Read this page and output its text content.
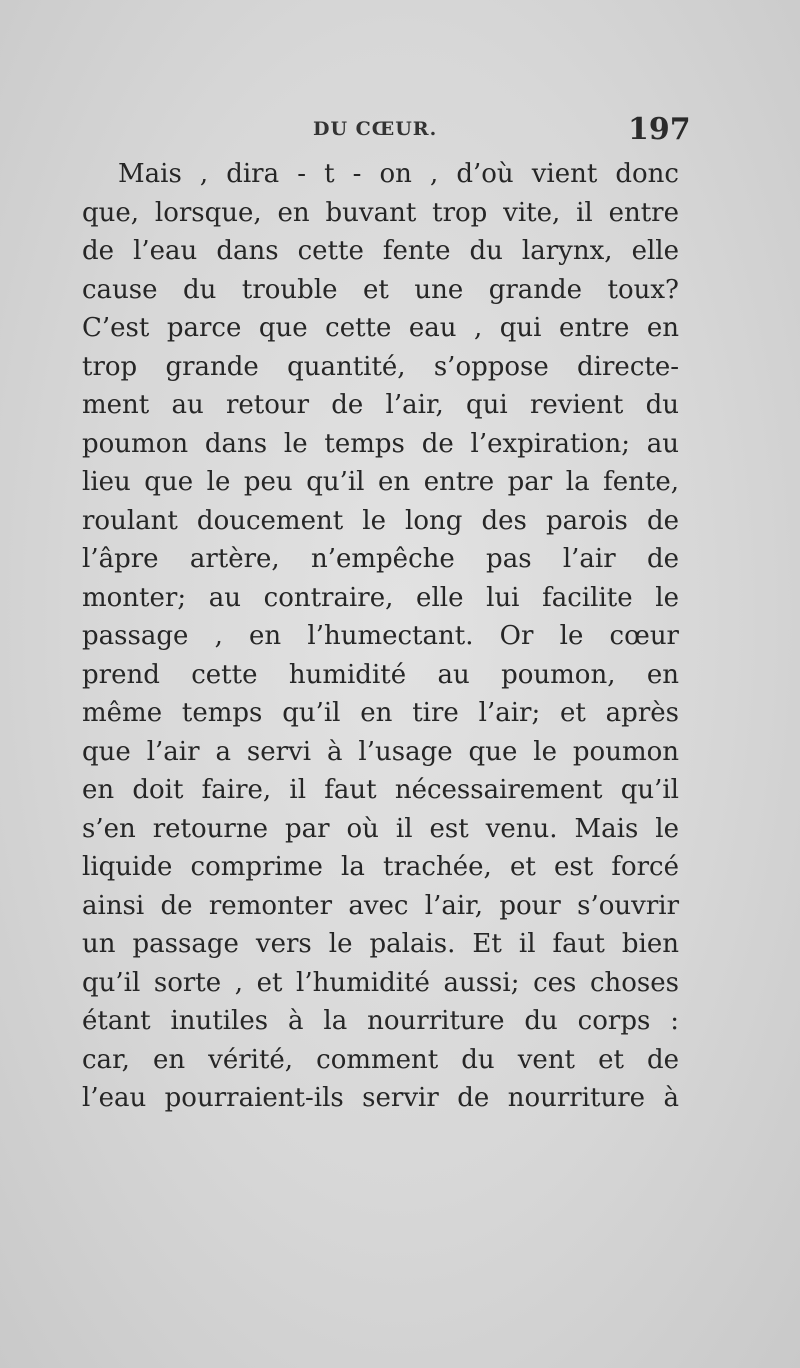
DU CŒUR.	197
Mais , dira - t - on , d’où vient donc
que, lorsque, en buvant trop vite, il entre
de l’eau dans cette fente du larynx, elle
cause du trouble et une grande toux?
C’est parce que cette eau , qui entre en
trop grande quantité, s’oppose directe-
ment au retour de l’air, qui revient du
poumon dans le temps de l’expiration; au
lieu que le peu qu’il en entre par la fente,
roulant doucement le long des parois de
l’âpre artère, n’empêche pas l’air de
monter; au contraire, elle lui facilite le
passage , en l’humectant. Or le cœur
prend cette humidité au poumon, en
même temps qu’il en tire l’air; et après
que l’air a servi à l’usage que le poumon
en doit faire, il faut nécessairement qu’il
s’en retourne par où il est venu. Mais le
liquide comprime la trachée, et est forcé
ainsi de remonter avec l’air, pour s’ouvrir
un passage vers le palais. Et il faut bien
qu’il sorte , et l’humidité aussi; ces choses
étant inutiles à la nourriture du corps :
car, en vérité, comment du vent et de
l’eau pourraient-ils servir de nourriture à
